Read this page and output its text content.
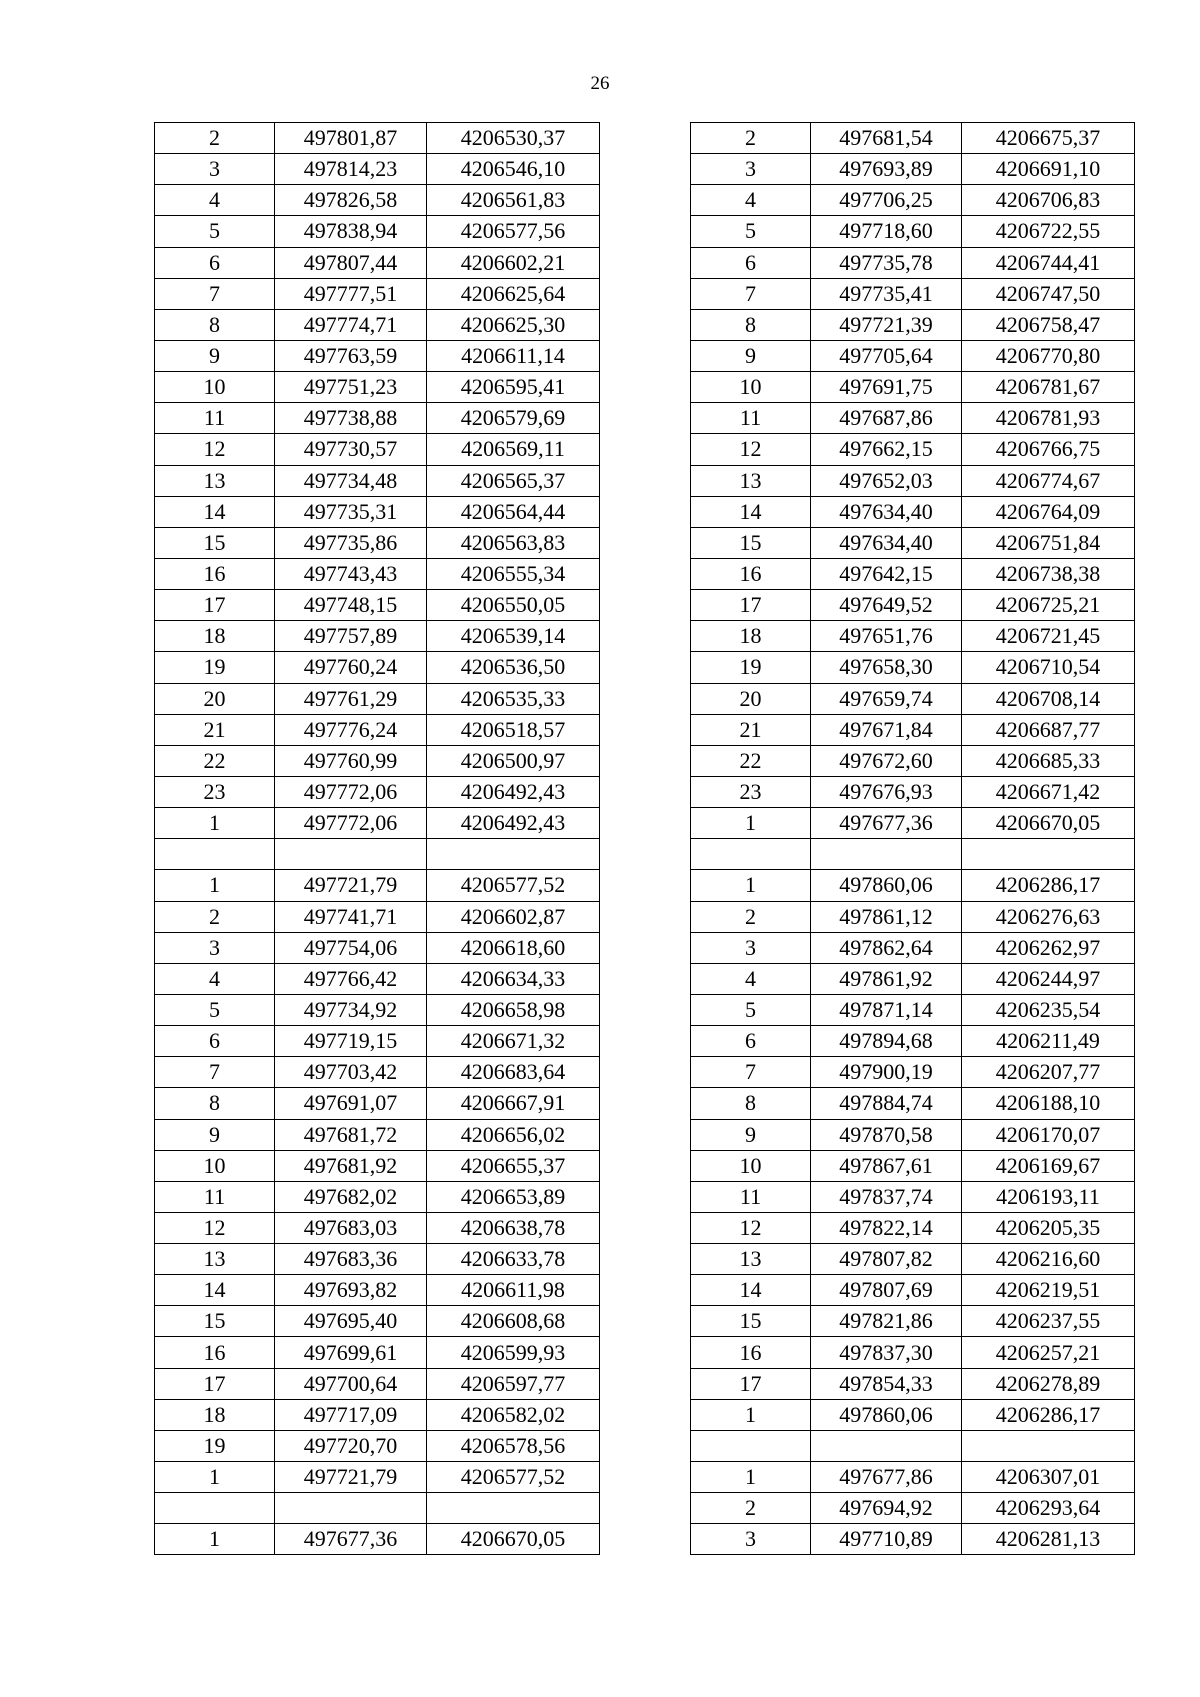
26
2	497801,87	4206530,37
3	497814,23	4206546,10
4	497826,58	4206561,83
5	497838,94	4206577,56
6	497807,44	4206602,21
7	497777,51	4206625,64
8	497774,71	4206625,30
9	497763,59	4206611,14
10	497751,23	4206595,41
11	497738,88	4206579,69
12	497730,57	4206569,11
13	497734,48	4206565,37
14	497735,31	4206564,44
15	497735,86	4206563,83
16	497743,43	4206555,34
17	497748,15	4206550,05
18	497757,89	4206539,14
19	497760,24	4206536,50
20	497761,29	4206535,33
21	497776,24	4206518,57
22	497760,99	4206500,97
23	497772,06	4206492,43
1	497772,06	4206492,43

1	497721,79	4206577,52
2	497741,71	4206602,87
3	497754,06	4206618,60
4	497766,42	4206634,33
5	497734,92	4206658,98
6	497719,15	4206671,32
7	497703,42	4206683,64
8	497691,07	4206667,91
9	497681,72	4206656,02
10	497681,92	4206655,37
11	497682,02	4206653,89
12	497683,03	4206638,78
13	497683,36	4206633,78
14	497693,82	4206611,98
15	497695,40	4206608,68
16	497699,61	4206599,93
17	497700,64	4206597,77
18	497717,09	4206582,02
19	497720,70	4206578,56
1	497721,79	4206577,52

1	497677,36	4206670,05
2	497681,54	4206675,37
3	497693,89	4206691,10
4	497706,25	4206706,83
5	497718,60	4206722,55
6	497735,78	4206744,41
7	497735,41	4206747,50
8	497721,39	4206758,47
9	497705,64	4206770,80
10	497691,75	4206781,67
11	497687,86	4206781,93
12	497662,15	4206766,75
13	497652,03	4206774,67
14	497634,40	4206764,09
15	497634,40	4206751,84
16	497642,15	4206738,38
17	497649,52	4206725,21
18	497651,76	4206721,45
19	497658,30	4206710,54
20	497659,74	4206708,14
21	497671,84	4206687,77
22	497672,60	4206685,33
23	497676,93	4206671,42
1	497677,36	4206670,05

1	497860,06	4206286,17
2	497861,12	4206276,63
3	497862,64	4206262,97
4	497861,92	4206244,97
5	497871,14	4206235,54
6	497894,68	4206211,49
7	497900,19	4206207,77
8	497884,74	4206188,10
9	497870,58	4206170,07
10	497867,61	4206169,67
11	497837,74	4206193,11
12	497822,14	4206205,35
13	497807,82	4206216,60
14	497807,69	4206219,51
15	497821,86	4206237,55
16	497837,30	4206257,21
17	497854,33	4206278,89
1	497860,06	4206286,17

1	497677,86	4206307,01
2	497694,92	4206293,64
3	497710,89	4206281,13
